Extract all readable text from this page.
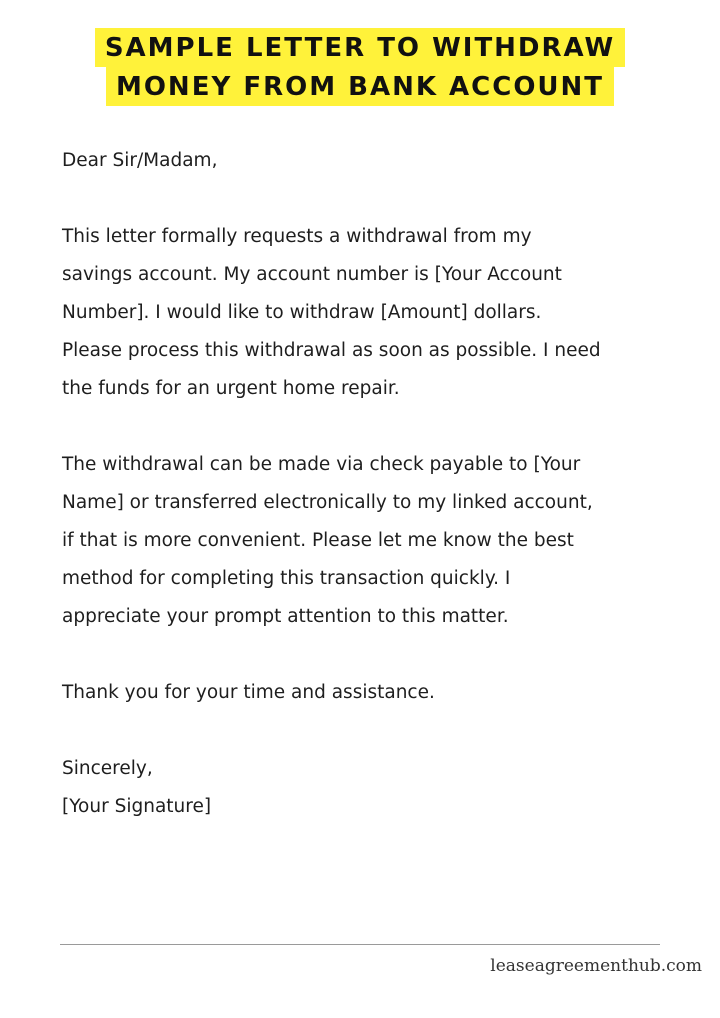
SAMPLE LETTER TO WITHDRAW
MONEY FROM BANK ACCOUNT

Dear Sir/Madam,

This letter formally requests a withdrawal from my

savings account. My account number is [Your Account

Number]. I would like to withdraw [Amount] dollars.

Please process this withdrawal as soon as possible. I need

the funds for an urgent home repair.

The withdrawal can be made via check payable to [Your

Name] or transferred electronically to my linked account,

if that is more convenient. Please let me know the best

method for completing this transaction quickly. I

appreciate your prompt attention to this matter.

Thank you for your time and assistance.

Sincerely,

[Your Signature]

leaseagreementhub.com
